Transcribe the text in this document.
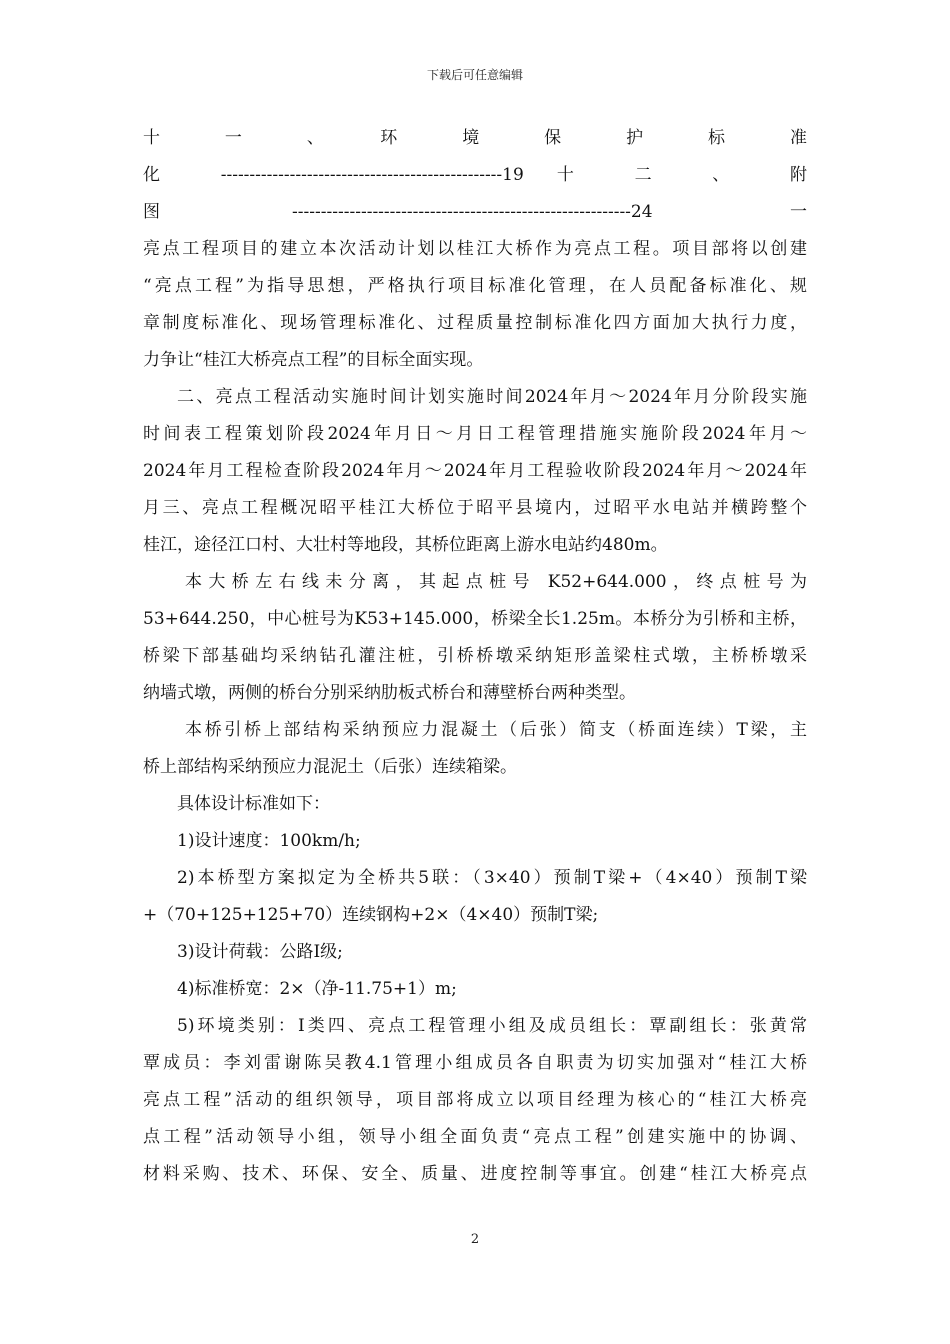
下载后可任意编辑
十　　一　　、　　环　　境　　保　　护　　标　　准
化 -------------------------------------------------19 十 二 、 附
图-----------------------------------------------------------24 一
亮点工程项目的建立本次活动计划以桂江大桥作为亮点工程。项目部将以创建
“亮点工程”为指导思想，严格执行项目标准化管理，在人员配备标准化、规
章制度标准化、现场管理标准化、过程质量控制标准化四方面加大执行力度，
力争让“桂江大桥亮点工程”的目标全面实现。
二、亮点工程活动实施时间计划实施时间2024年月～2024年月分阶段实施
时间表工程策划阶段2024年月日～月日工程管理措施实施阶段2024年月～
2024年月工程检查阶段2024年月～2024年月工程验收阶段2024年月～2024年
月三、亮点工程概况昭平桂江大桥位于昭平县境内，过昭平水电站并横跨整个
桂江，途径江口村、大壮村等地段，其桥位距离上游水电站约480m。
本大桥左右线未分离，其起点桩号 K52+644.000，终点桩号为
53+644.250，中心桩号为K53+145.000，桥梁全长1.25m。本桥分为引桥和主桥，
桥梁下部基础均采纳钻孔灌注桩，引桥桥墩采纳矩形盖梁柱式墩，主桥桥墩采
纳墙式墩，两侧的桥台分别采纳肋板式桥台和薄壁桥台两种类型。
本桥引桥上部结构采纳预应力混凝土（后张）简支（桥面连续）T梁，主
桥上部结构采纳预应力混泥土（后张）连续箱梁。
具体设计标准如下：
1)设计速度：100km/h;
2)本桥型方案拟定为全桥共5联：（3×40）预制T梁+（4×40）预制T梁
+（70+125+125+70）连续钢构+2×（4×40）预制T梁;
3)设计荷载：公路Ⅰ级;
4)标准桥宽：2×（净-11.75+1）m;
5)环境类别：Ⅰ类四、亮点工程管理小组及成员组长：覃副组长：张黄常
覃成员：李刘雷谢陈吴教4.1管理小组成员各自职责为切实加强对“桂江大桥
亮点工程”活动的组织领导，项目部将成立以项目经理为核心的“桂江大桥亮
点工程”活动领导小组，领导小组全面负责“亮点工程”创建实施中的协调、
材料采购、技术、环保、安全、质量、进度控制等事宜。创建“桂江大桥亮点
2
